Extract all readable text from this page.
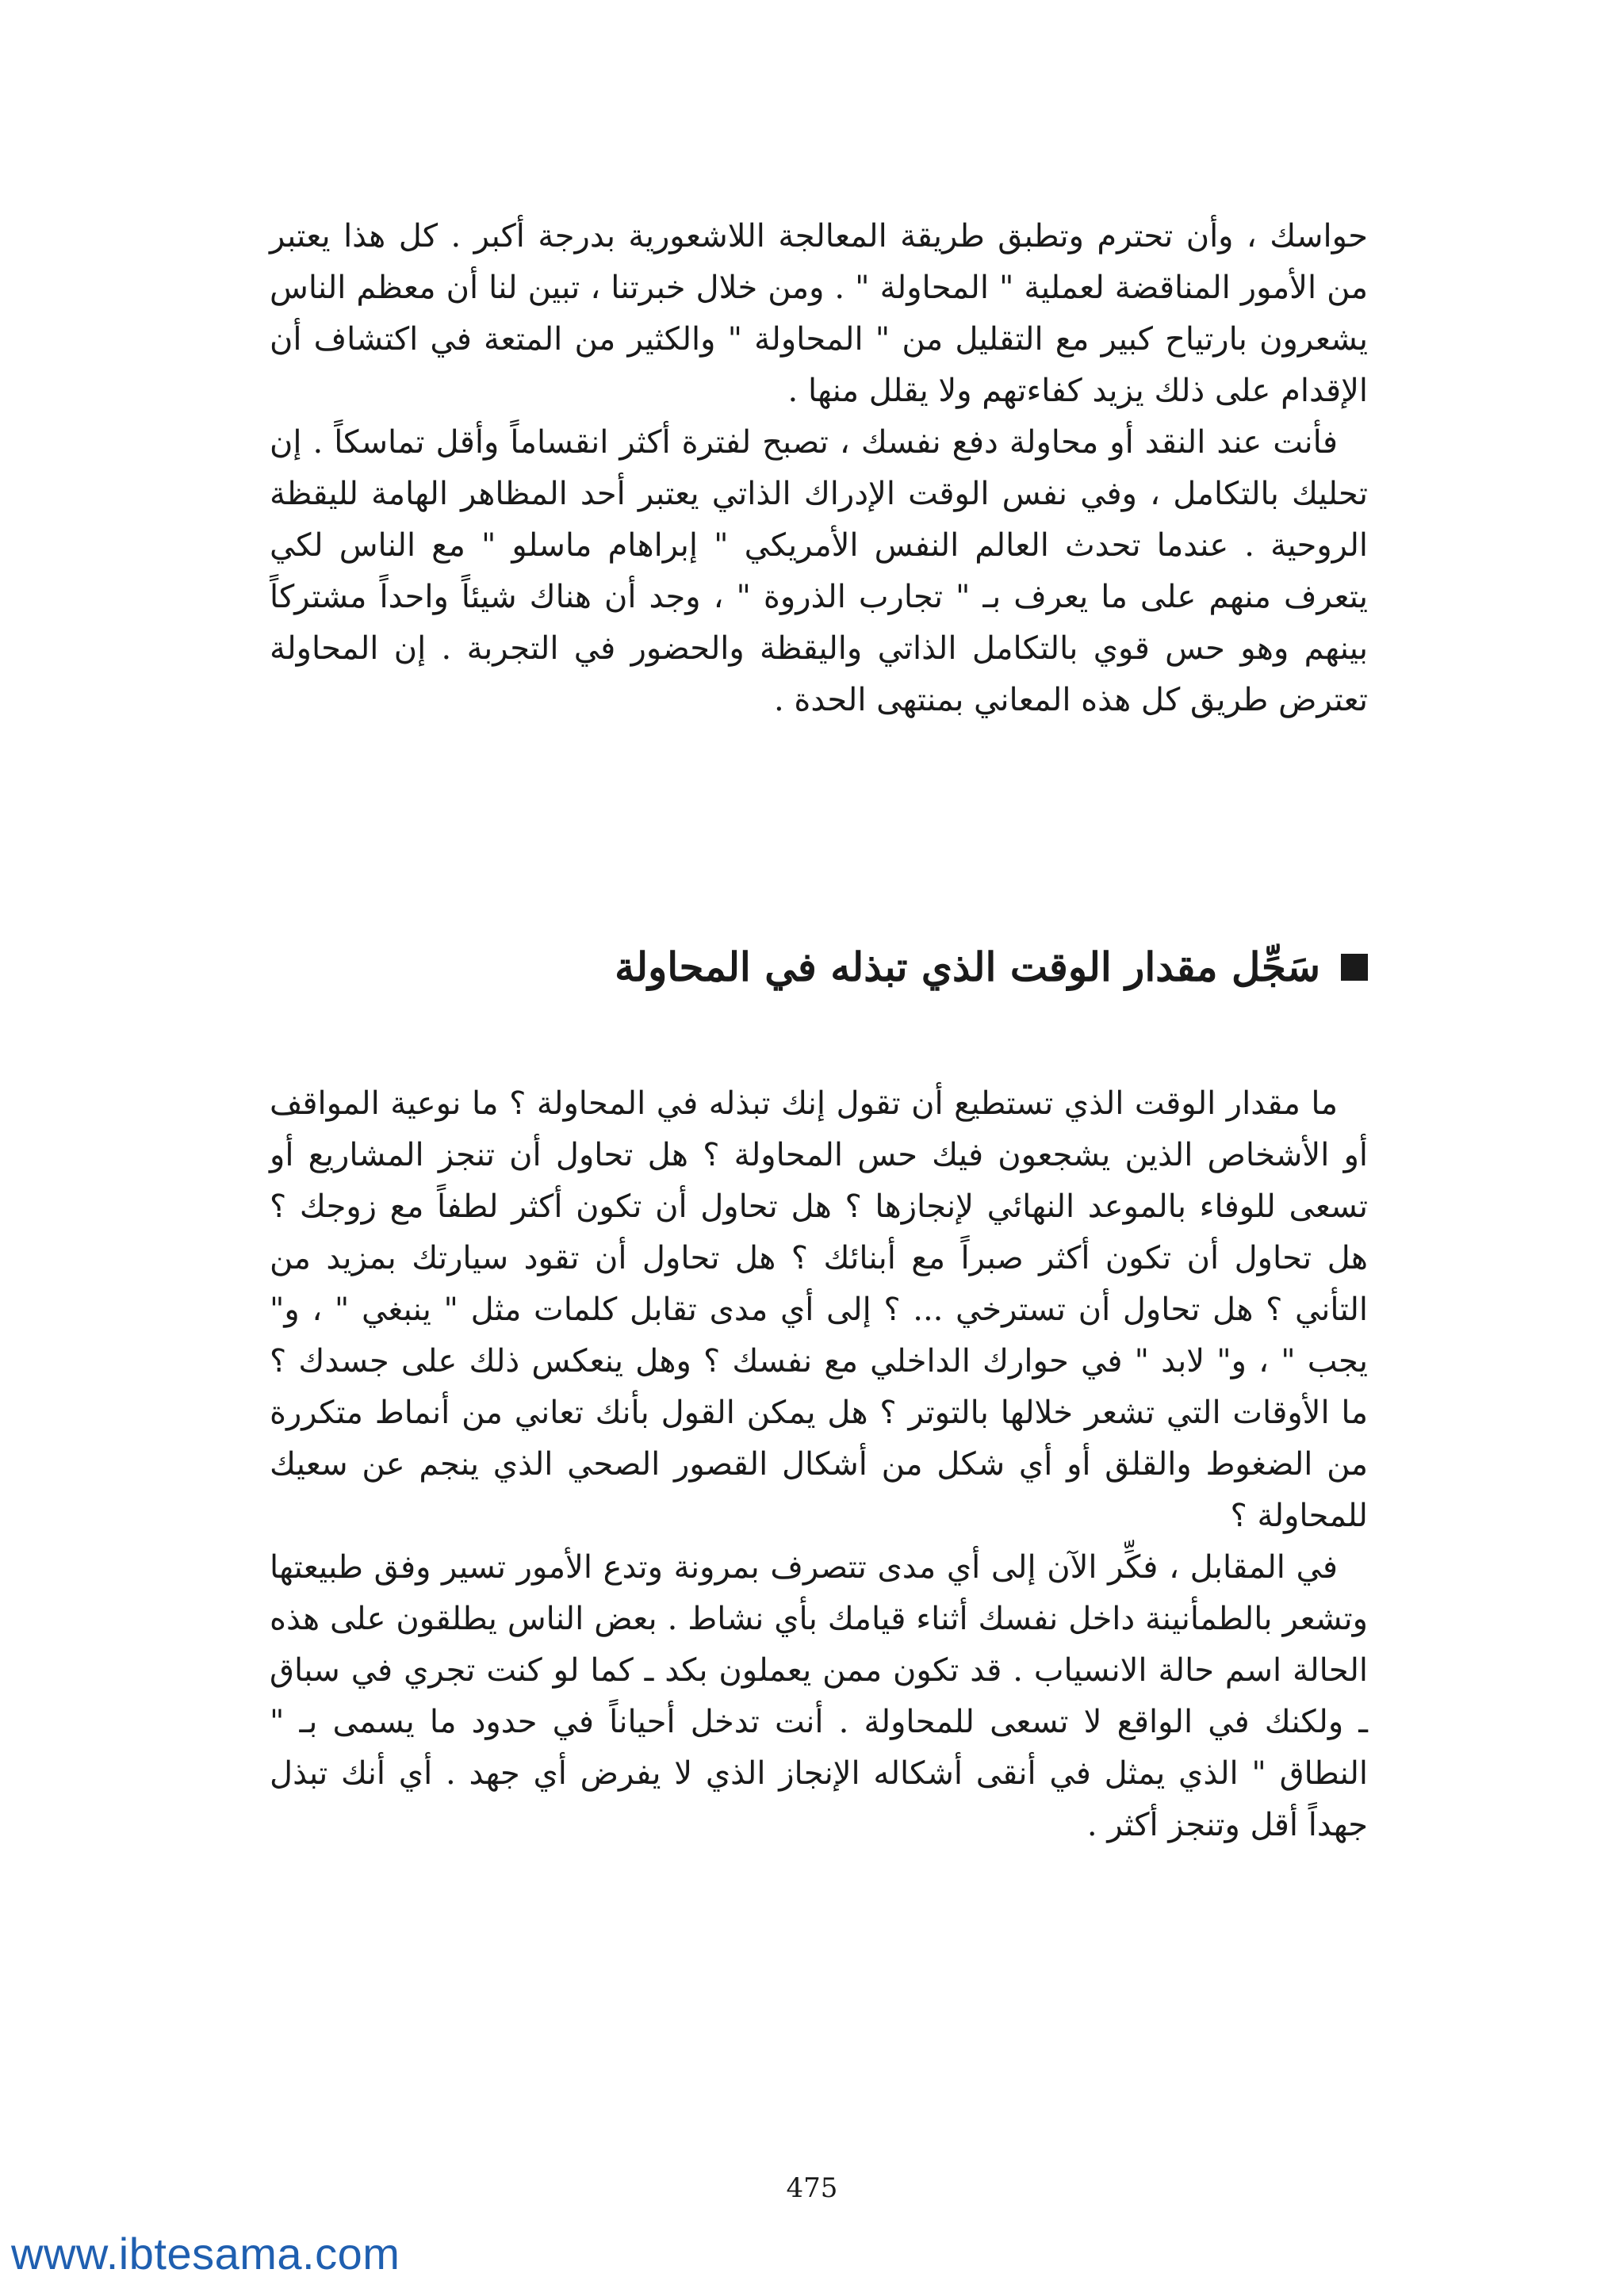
حواسك ، وأن تحترم وتطبق طريقة المعالجة اللاشعورية بدرجة أكبر . كل هذا يعتبر من الأمور المناقضة لعملية " المحاولة " . ومن خلال خبرتنا ، تبين لنا أن معظم الناس يشعرون بارتياح كبير مع التقليل من " المحاولة " والكثير من المتعة في اكتشاف أن الإقدام على ذلك يزيد كفاءتهم ولا يقلل منها .

فأنت عند النقد أو محاولة دفع نفسك ، تصبح لفترة أكثر انقساماً وأقل تماسكاً . إن تحليك بالتكامل ، وفي نفس الوقت الإدراك الذاتي يعتبر أحد المظاهر الهامة لليقظة الروحية . عندما تحدث العالم النفس الأمريكي " إبراهام ماسلو " مع الناس لكي يتعرف منهم على ما يعرف بـ " تجارب الذروة " ، وجد أن هناك شيئاً واحداً مشتركاً بينهم وهو حس قوي بالتكامل الذاتي واليقظة والحضور في التجربة . إن المحاولة تعترض طريق كل هذه المعاني بمنتهى الحدة .

سَجِّل مقدار الوقت الذي تبذله في المحاولة

ما مقدار الوقت الذي تستطيع أن تقول إنك تبذله في المحاولة ؟ ما نوعية المواقف أو الأشخاص الذين يشجعون فيك حس المحاولة ؟ هل تحاول أن تنجز المشاريع أو تسعى للوفاء بالموعد النهائي لإنجازها ؟ هل تحاول أن تكون أكثر لطفاً مع زوجك ؟ هل تحاول أن تكون أكثر صبراً مع أبنائك ؟ هل تحاول أن تقود سيارتك بمزيد من التأني ؟ هل تحاول أن تسترخي ... ؟ إلى أي مدى تقابل كلمات مثل " ينبغي " ، و" يجب " ، و" لابد " في حوارك الداخلي مع نفسك ؟ وهل ينعكس ذلك على جسدك ؟ ما الأوقات التي تشعر خلالها بالتوتر ؟ هل يمكن القول بأنك تعاني من أنماط متكررة من الضغوط والقلق أو أي شكل من أشكال القصور الصحي الذي ينجم عن سعيك للمحاولة ؟

في المقابل ، فكِّر الآن إلى أي مدى تتصرف بمرونة وتدع الأمور تسير وفق طبيعتها وتشعر بالطمأنينة داخل نفسك أثناء قيامك بأي نشاط . بعض الناس يطلقون على هذه الحالة اسم حالة الانسياب . قد تكون ممن يعملون بكد ـ كما لو كنت تجري في سباق ـ ولكنك في الواقع لا تسعى للمحاولة . أنت تدخل أحياناً في حدود ما يسمى بـ " النطاق " الذي يمثل في أنقى أشكاله الإنجاز الذي لا يفرض أي جهد . أي أنك تبذل جهداً أقل وتنجز أكثر .

475
www.ibtesama.com
